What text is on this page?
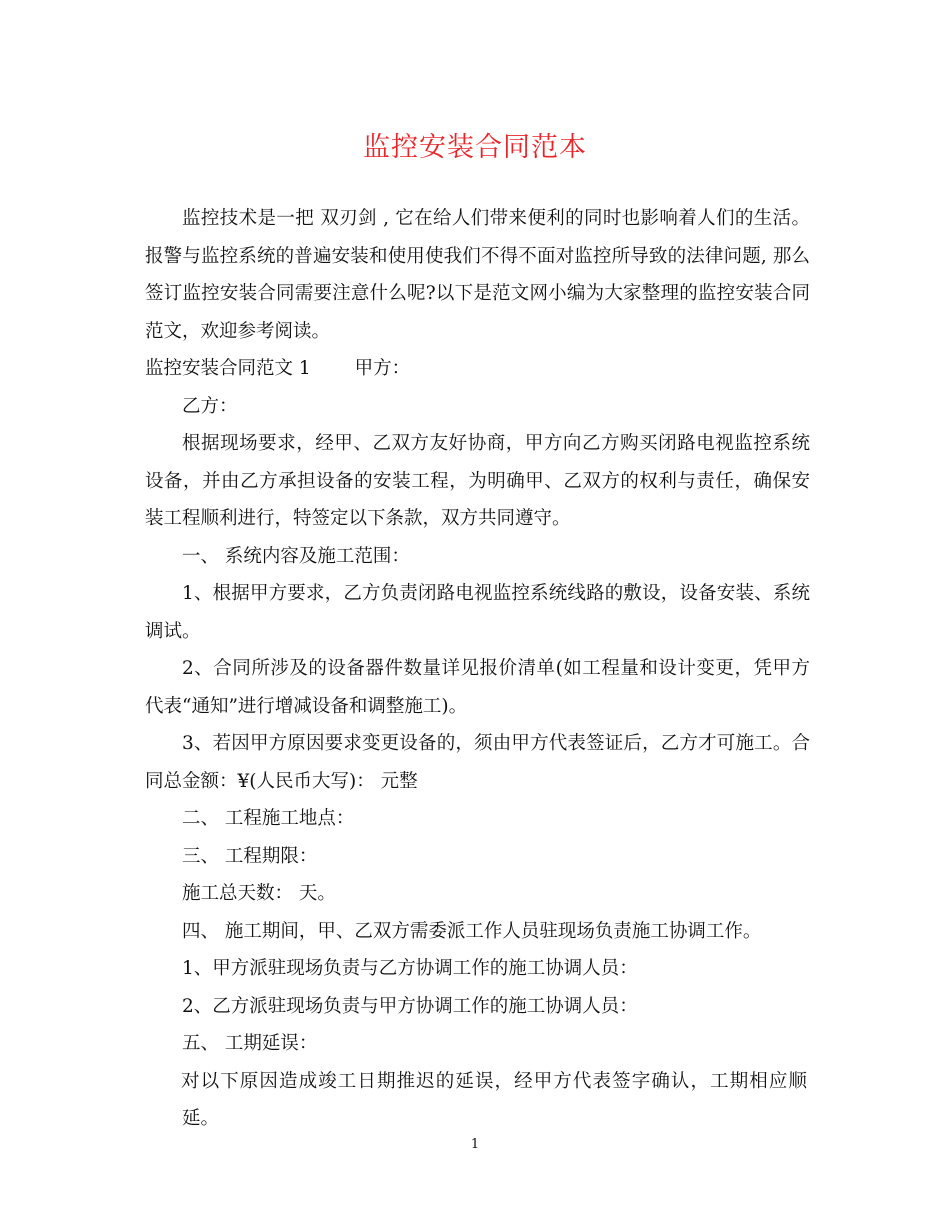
监控安装合同范本

监控技术是一把 双刃剑 , 它在给人们带来便利的同时也影响着人们的生活。报警与监控系统的普遍安装和使用使我们不得不面对监控所导致的法律问题, 那么签订监控安装合同需要注意什么呢?以下是范文网小编为大家整理的监控安装合同范文，欢迎参考阅读。

监控安装合同范文 1 甲方：

乙方：

根据现场要求，经甲、乙双方友好协商，甲方向乙方购买闭路电视监控系统设备，并由乙方承担设备的安装工程，为明确甲、乙双方的权利与责任，确保安装工程顺利进行，特签定以下条款，双方共同遵守。

一、 系统内容及施工范围：

1、根据甲方要求，乙方负责闭路电视监控系统线路的敷设，设备安装、系统调试。

2、合同所涉及的设备器件数量详见报价清单(如工程量和设计变更，凭甲方代表“通知”进行增减设备和调整施工)。

3、若因甲方原因要求变更设备的，须由甲方代表签证后，乙方才可施工。合同总金额：¥(人民币大写)： 元整

二、 工程施工地点：

三、 工程期限：

施工总天数： 天。

四、 施工期间，甲、乙双方需委派工作人员驻现场负责施工协调工作。

1、甲方派驻现场负责与乙方协调工作的施工协调人员：

2、乙方派驻现场负责与甲方协调工作的施工协调人员：

五、 工期延误：

对以下原因造成竣工日期推迟的延误，经甲方代表签字确认，工期相应顺延。

1
